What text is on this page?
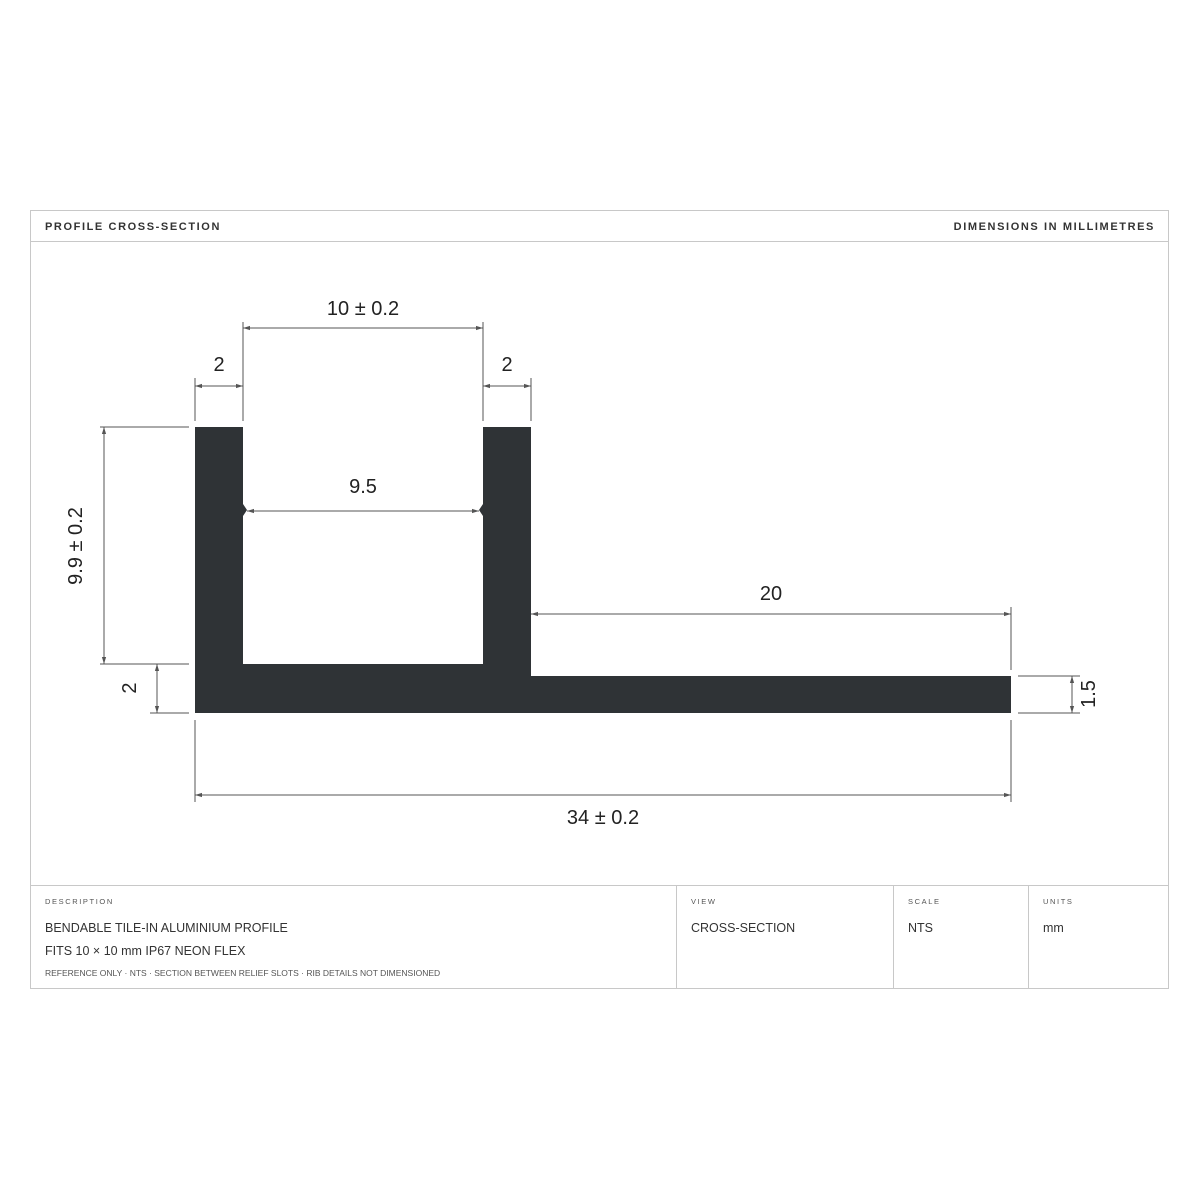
PROFILE CROSS-SECTION	DIMENSIONS IN MILLIMETRES
DESCRIPTION
BENDABLE TILE-IN ALUMINIUM PROFILE
FITS 10 × 10 mm IP67 NEON FLEX
REFERENCE ONLY · NTS · SECTION BETWEEN RELIEF SLOTS · RIB DETAILS NOT DIMENSIONED
VIEW
CROSS-SECTION
SCALE
NTS
UNITS
mm
10 ± 0.2
2	2
9.5
20
9.9 ± 0.2
2	1.5
34 ± 0.2
